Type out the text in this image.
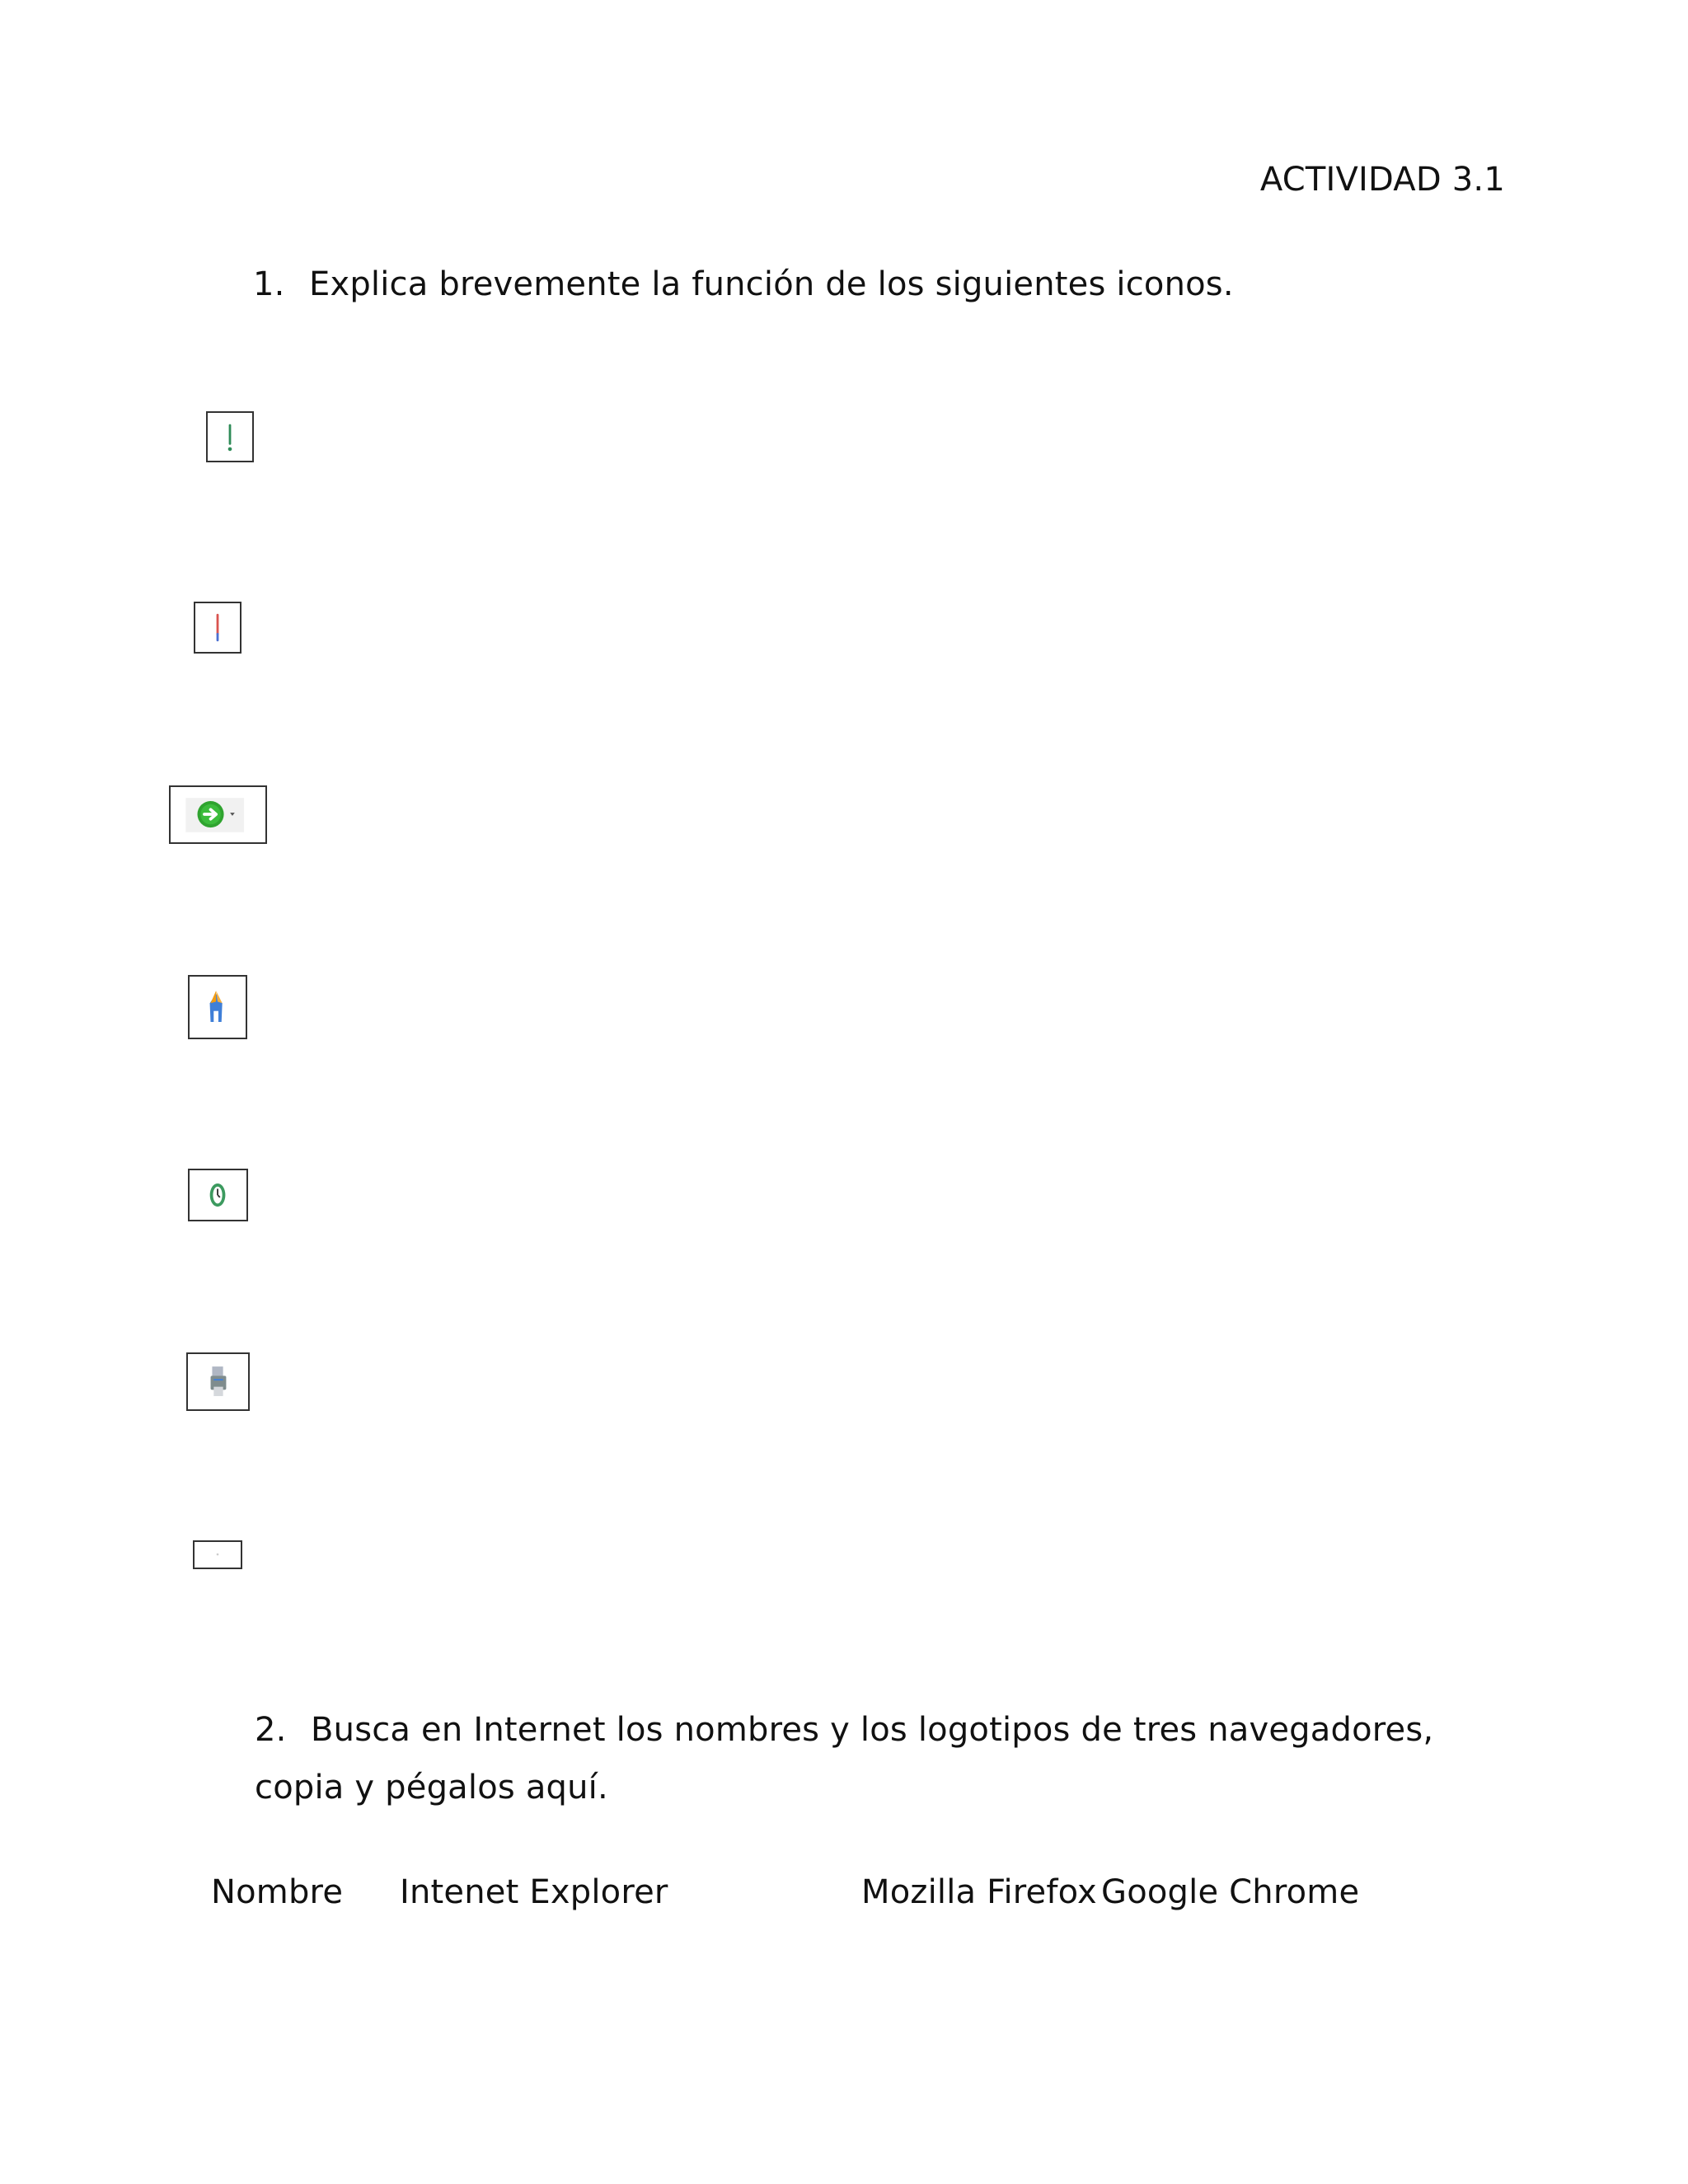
ACTIVIDAD 3.1
1. Explica brevemente la función de los siguientes iconos.
2. Busca en Internet los nombres y los logotipos de tres navegadores,
copia y pégalos aquí.
Nombre Intenet Explorer	Mozilla Firefox Google Chrome
